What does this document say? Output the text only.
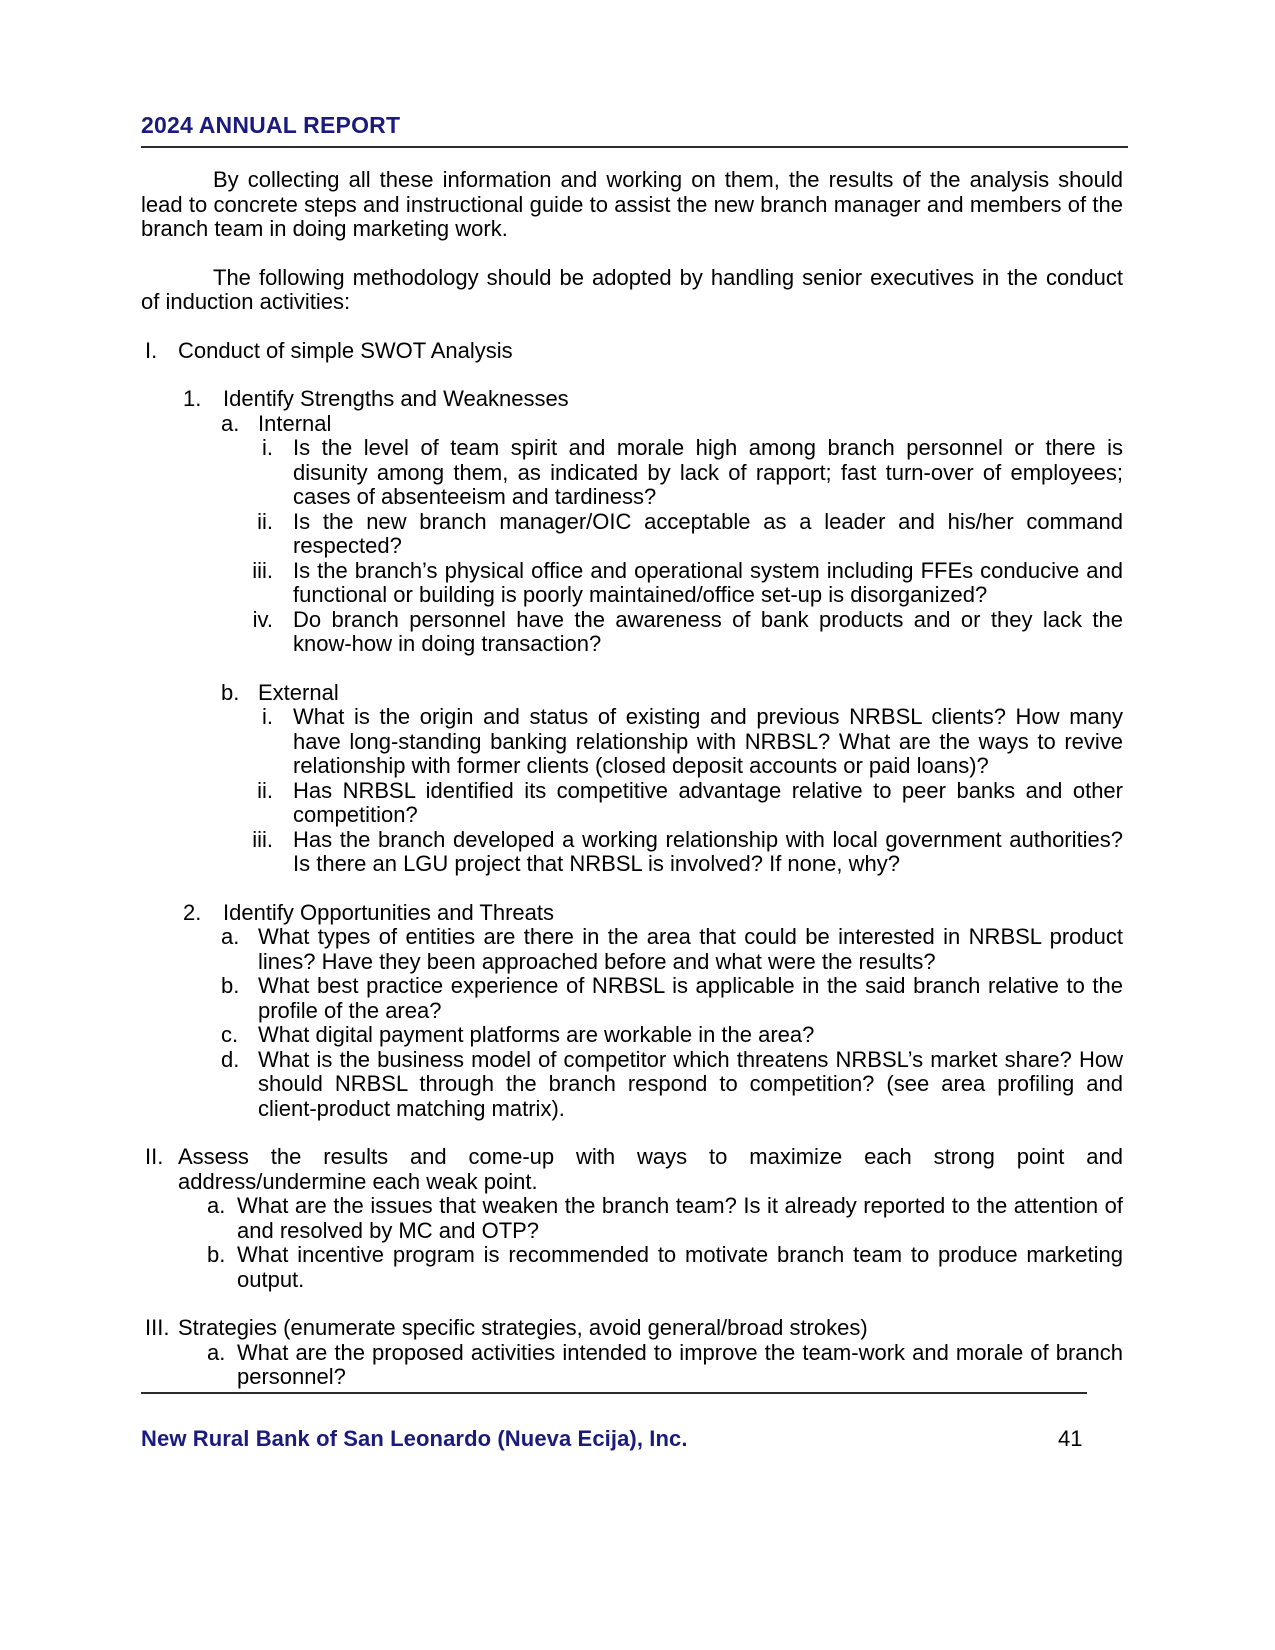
2024 ANNUAL REPORT

By collecting all these information and working on them, the results of the analysis should lead to concrete steps and instructional guide to assist the new branch manager and members of the branch team in doing marketing work.

The following methodology should be adopted by handling senior executives in the conduct of induction activities:

I. Conduct of simple SWOT Analysis
1. Identify Strengths and Weaknesses
a. Internal
i. Is the level of team spirit and morale high among branch personnel or there is disunity among them, as indicated by lack of rapport; fast turn-over of employees; cases of absenteeism and tardiness?
ii. Is the new branch manager/OIC acceptable as a leader and his/her command respected?
iii. Is the branch’s physical office and operational system including FFEs conducive and functional or building is poorly maintained/office set-up is disorganized?
iv. Do branch personnel have the awareness of bank products and or they lack the know-how in doing transaction?
b. External
i. What is the origin and status of existing and previous NRBSL clients? How many have long-standing banking relationship with NRBSL? What are the ways to revive relationship with former clients (closed deposit accounts or paid loans)?
ii. Has NRBSL identified its competitive advantage relative to peer banks and other competition?
iii. Has the branch developed a working relationship with local government authorities? Is there an LGU project that NRBSL is involved? If none, why?
2. Identify Opportunities and Threats
a. What types of entities are there in the area that could be interested in NRBSL product lines? Have they been approached before and what were the results?
b. What best practice experience of NRBSL is applicable in the said branch relative to the profile of the area?
c. What digital payment platforms are workable in the area?
d. What is the business model of competitor which threatens NRBSL’s market share? How should NRBSL through the branch respond to competition? (see area profiling and client-product matching matrix).
II. Assess the results and come-up with ways to maximize each strong point and address/undermine each weak point.
a. What are the issues that weaken the branch team? Is it already reported to the attention of and resolved by MC and OTP?
b. What incentive program is recommended to motivate branch team to produce marketing output.
III. Strategies (enumerate specific strategies, avoid general/broad strokes)
a. What are the proposed activities intended to improve the team-work and morale of branch personnel?
New Rural Bank of San Leonardo (Nueva Ecija), Inc.	41
